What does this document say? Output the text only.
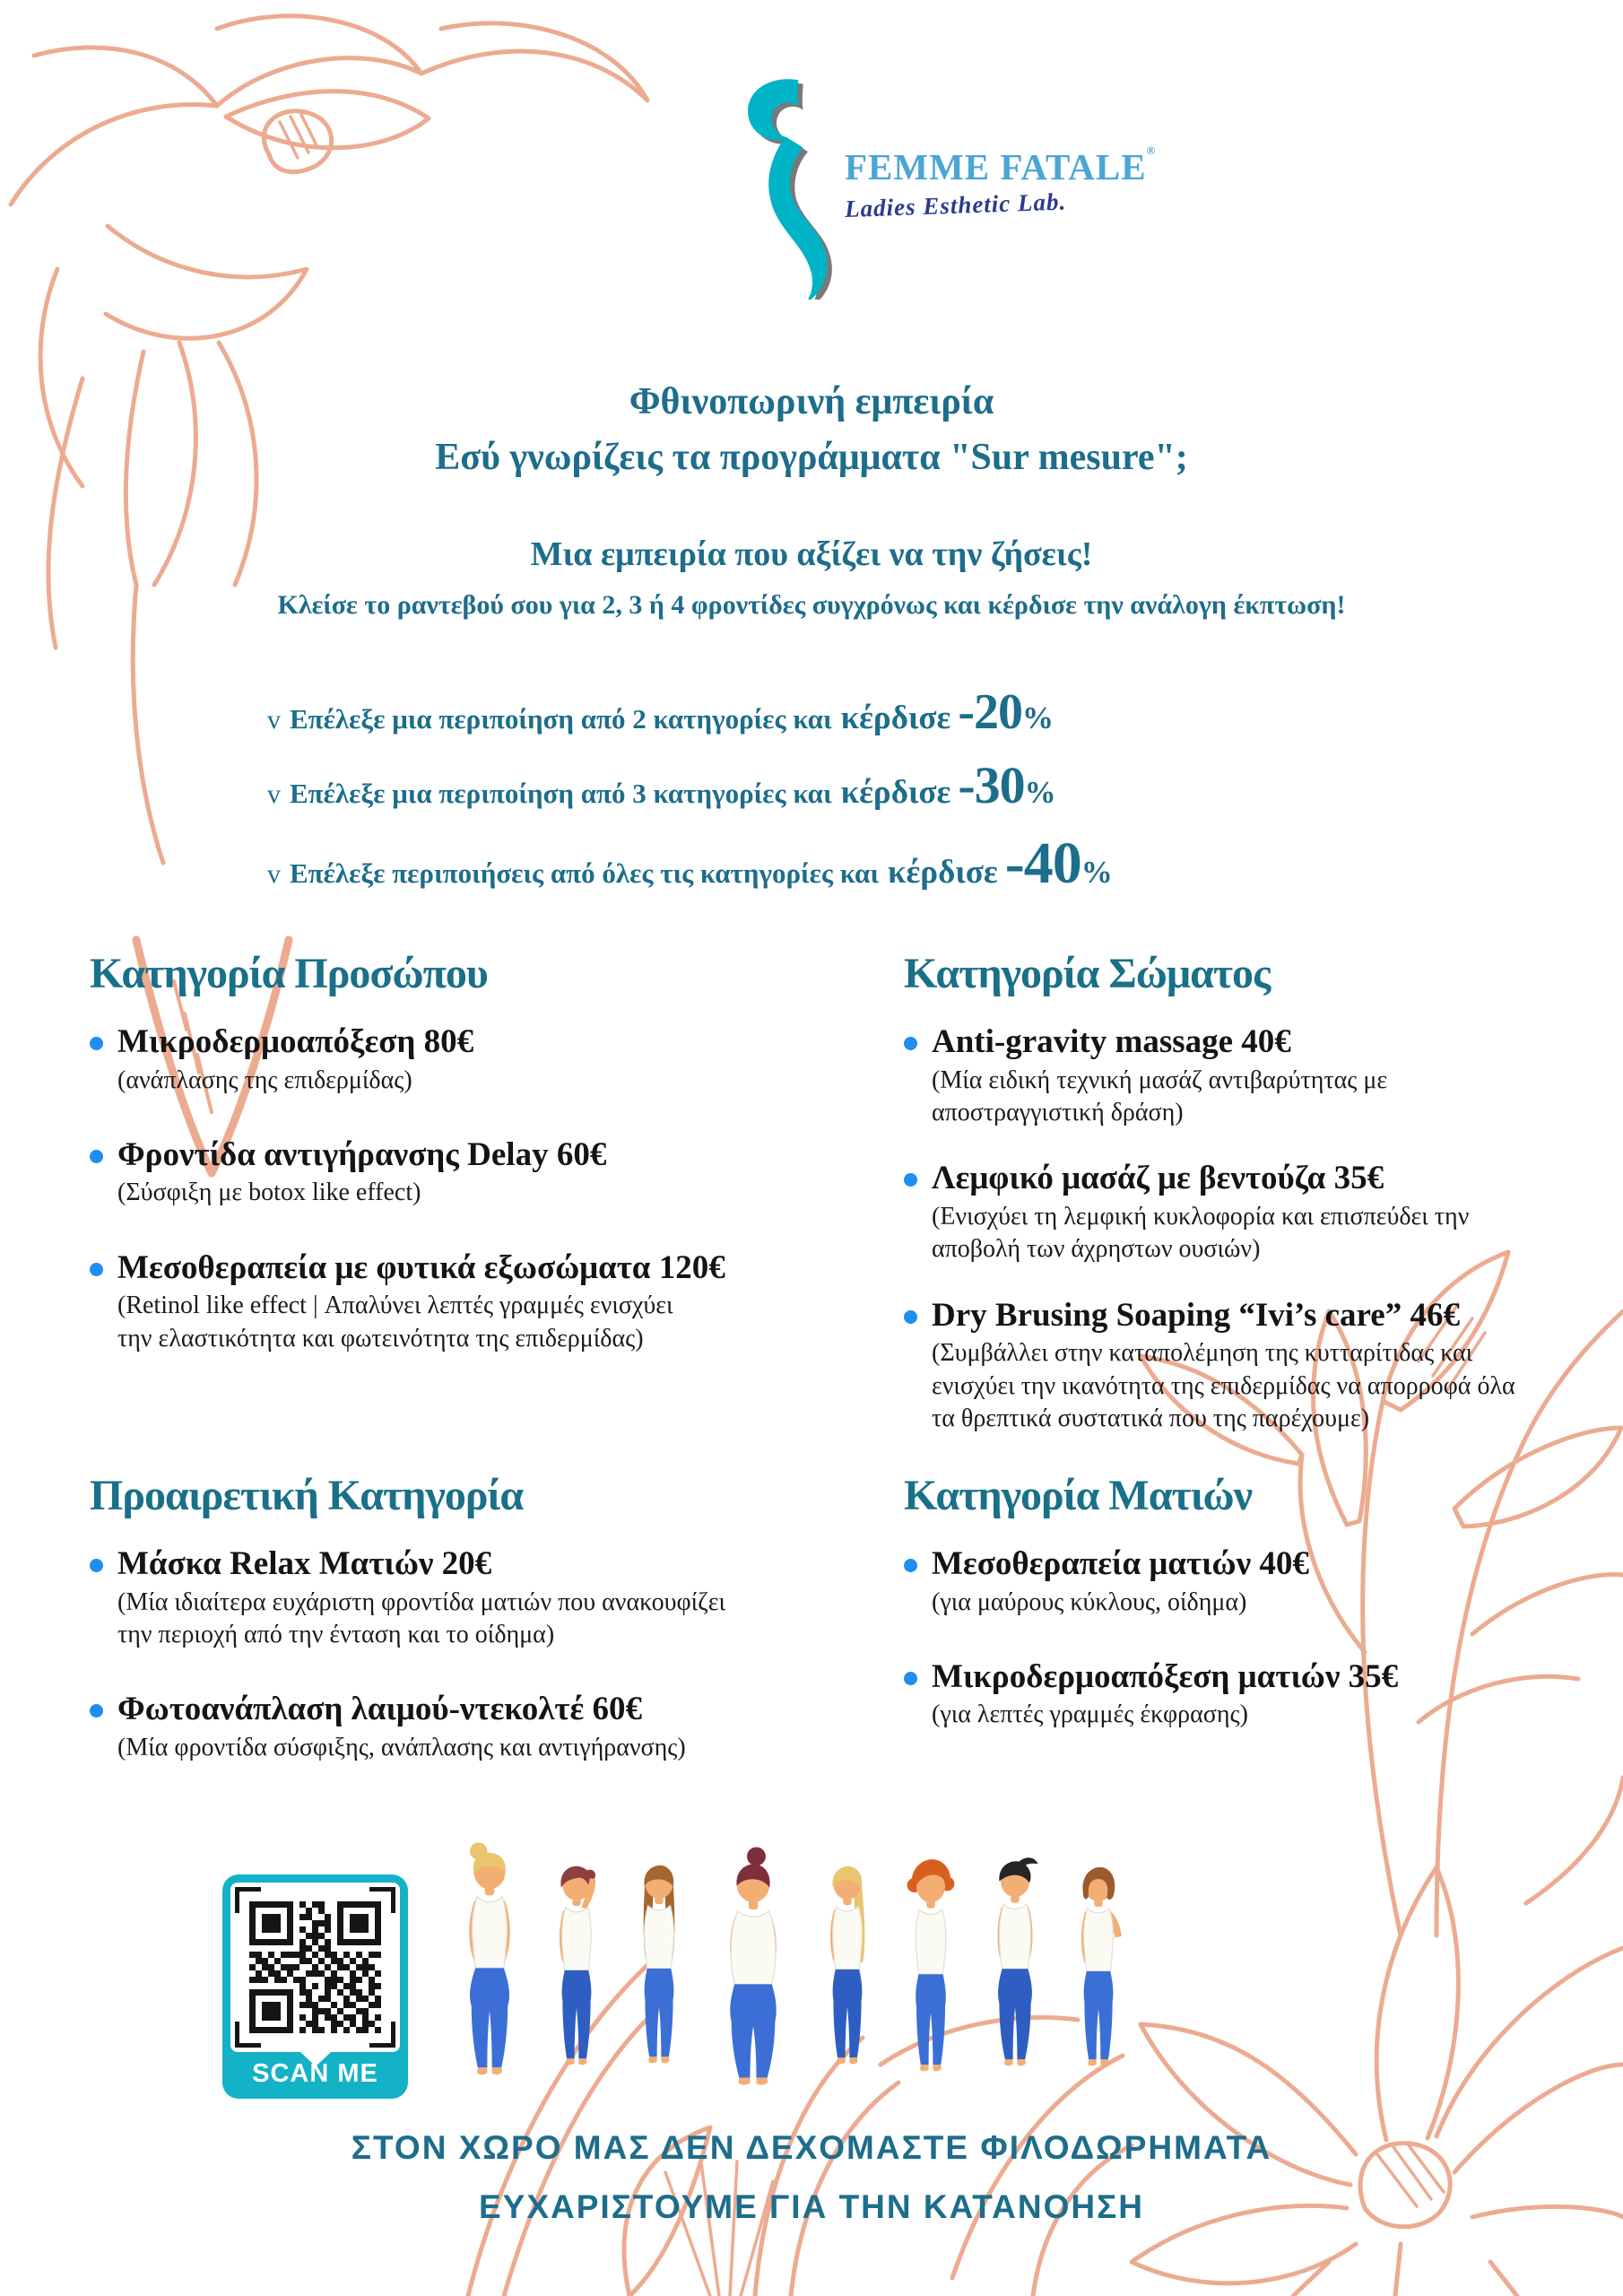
FEMME FATALE®
Ladies Esthetic Lab.
Φθινοπωρινή εμπειρία
Εσύ γνωρίζεις τα προγράμματα "Sur mesure";
Μια εμπειρία που αξίζει να την ζήσεις!
Κλείσε το ραντεβού σου για 2, 3 ή 4 φροντίδες συγχρόνως και κέρδισε την ανάλογη έκπτωση!
v Επέλεξε μια περιποίηση από 2 κατηγορίες και κέρδισε -20 %
v Επέλεξε μια περιποίηση από 3 κατηγορίες και κέρδισε -30 %
v Επέλεξε περιποιήσεις από όλες τις κατηγορίες και κέρδισε -40 %
Κατηγορία Προσώπου
Μικροδερμοαπόξεση 80€
(ανάπλασης της επιδερμίδας)
Φροντίδα αντιγήρανσης Delay 60€
(Σύσφιξη με botox like effect)
Μεσοθεραπεία με φυτικά εξωσώματα 120€
(Retinol like effect | Απαλύνει λεπτές γραμμές ενισχύει την ελαστικότητα και φωτεινότητα της επιδερμίδας)
Κατηγορία Σώματος
Anti-gravity massage 40€
(Μία ειδική τεχνική μασάζ αντιβαρύτητας με αποστραγγιστική δράση)
Λεμφικό μασάζ με βεντούζα 35€
(Ενισχύει τη λεμφική κυκλοφορία και επισπεύδει την αποβολή των άχρηστων ουσιών)
Dry Brusing Soaping “Ivi’s care” 46€
(Συμβάλλει στην καταπολέμηση της κυτταρίτιδας και ενισχύει την ικανότητα της επιδερμίδας να απορροφά όλα τα θρεπτικά συστατικά που της παρέχουμε)
Προαιρετική Κατηγορία
Μάσκα Relax Ματιών 20€
(Μία ιδιαίτερα ευχάριστη φροντίδα ματιών που ανακουφίζει την περιοχή από την ένταση και το οίδημα)
Φωτοανάπλαση λαιμού-ντεκολτέ 60€
(Μία φροντίδα σύσφιξης, ανάπλασης και αντιγήρανσης)
Κατηγορία Ματιών
Μεσοθεραπεία ματιών 40€
(για μαύρους κύκλους, οίδημα)
Μικροδερμοαπόξεση ματιών 35€
(για λεπτές γραμμές έκφρασης)
SCAN ME
ΣΤΟΝ ΧΩΡΟ ΜΑΣ ΔΕΝ ΔΕΧΟΜΑΣΤΕ ΦΙΛΟΔΩΡΗΜΑΤΑ
ΕΥΧΑΡΙΣΤΟΥΜΕ ΓΙΑ ΤΗΝ ΚΑΤΑΝΟΗΣΗ
